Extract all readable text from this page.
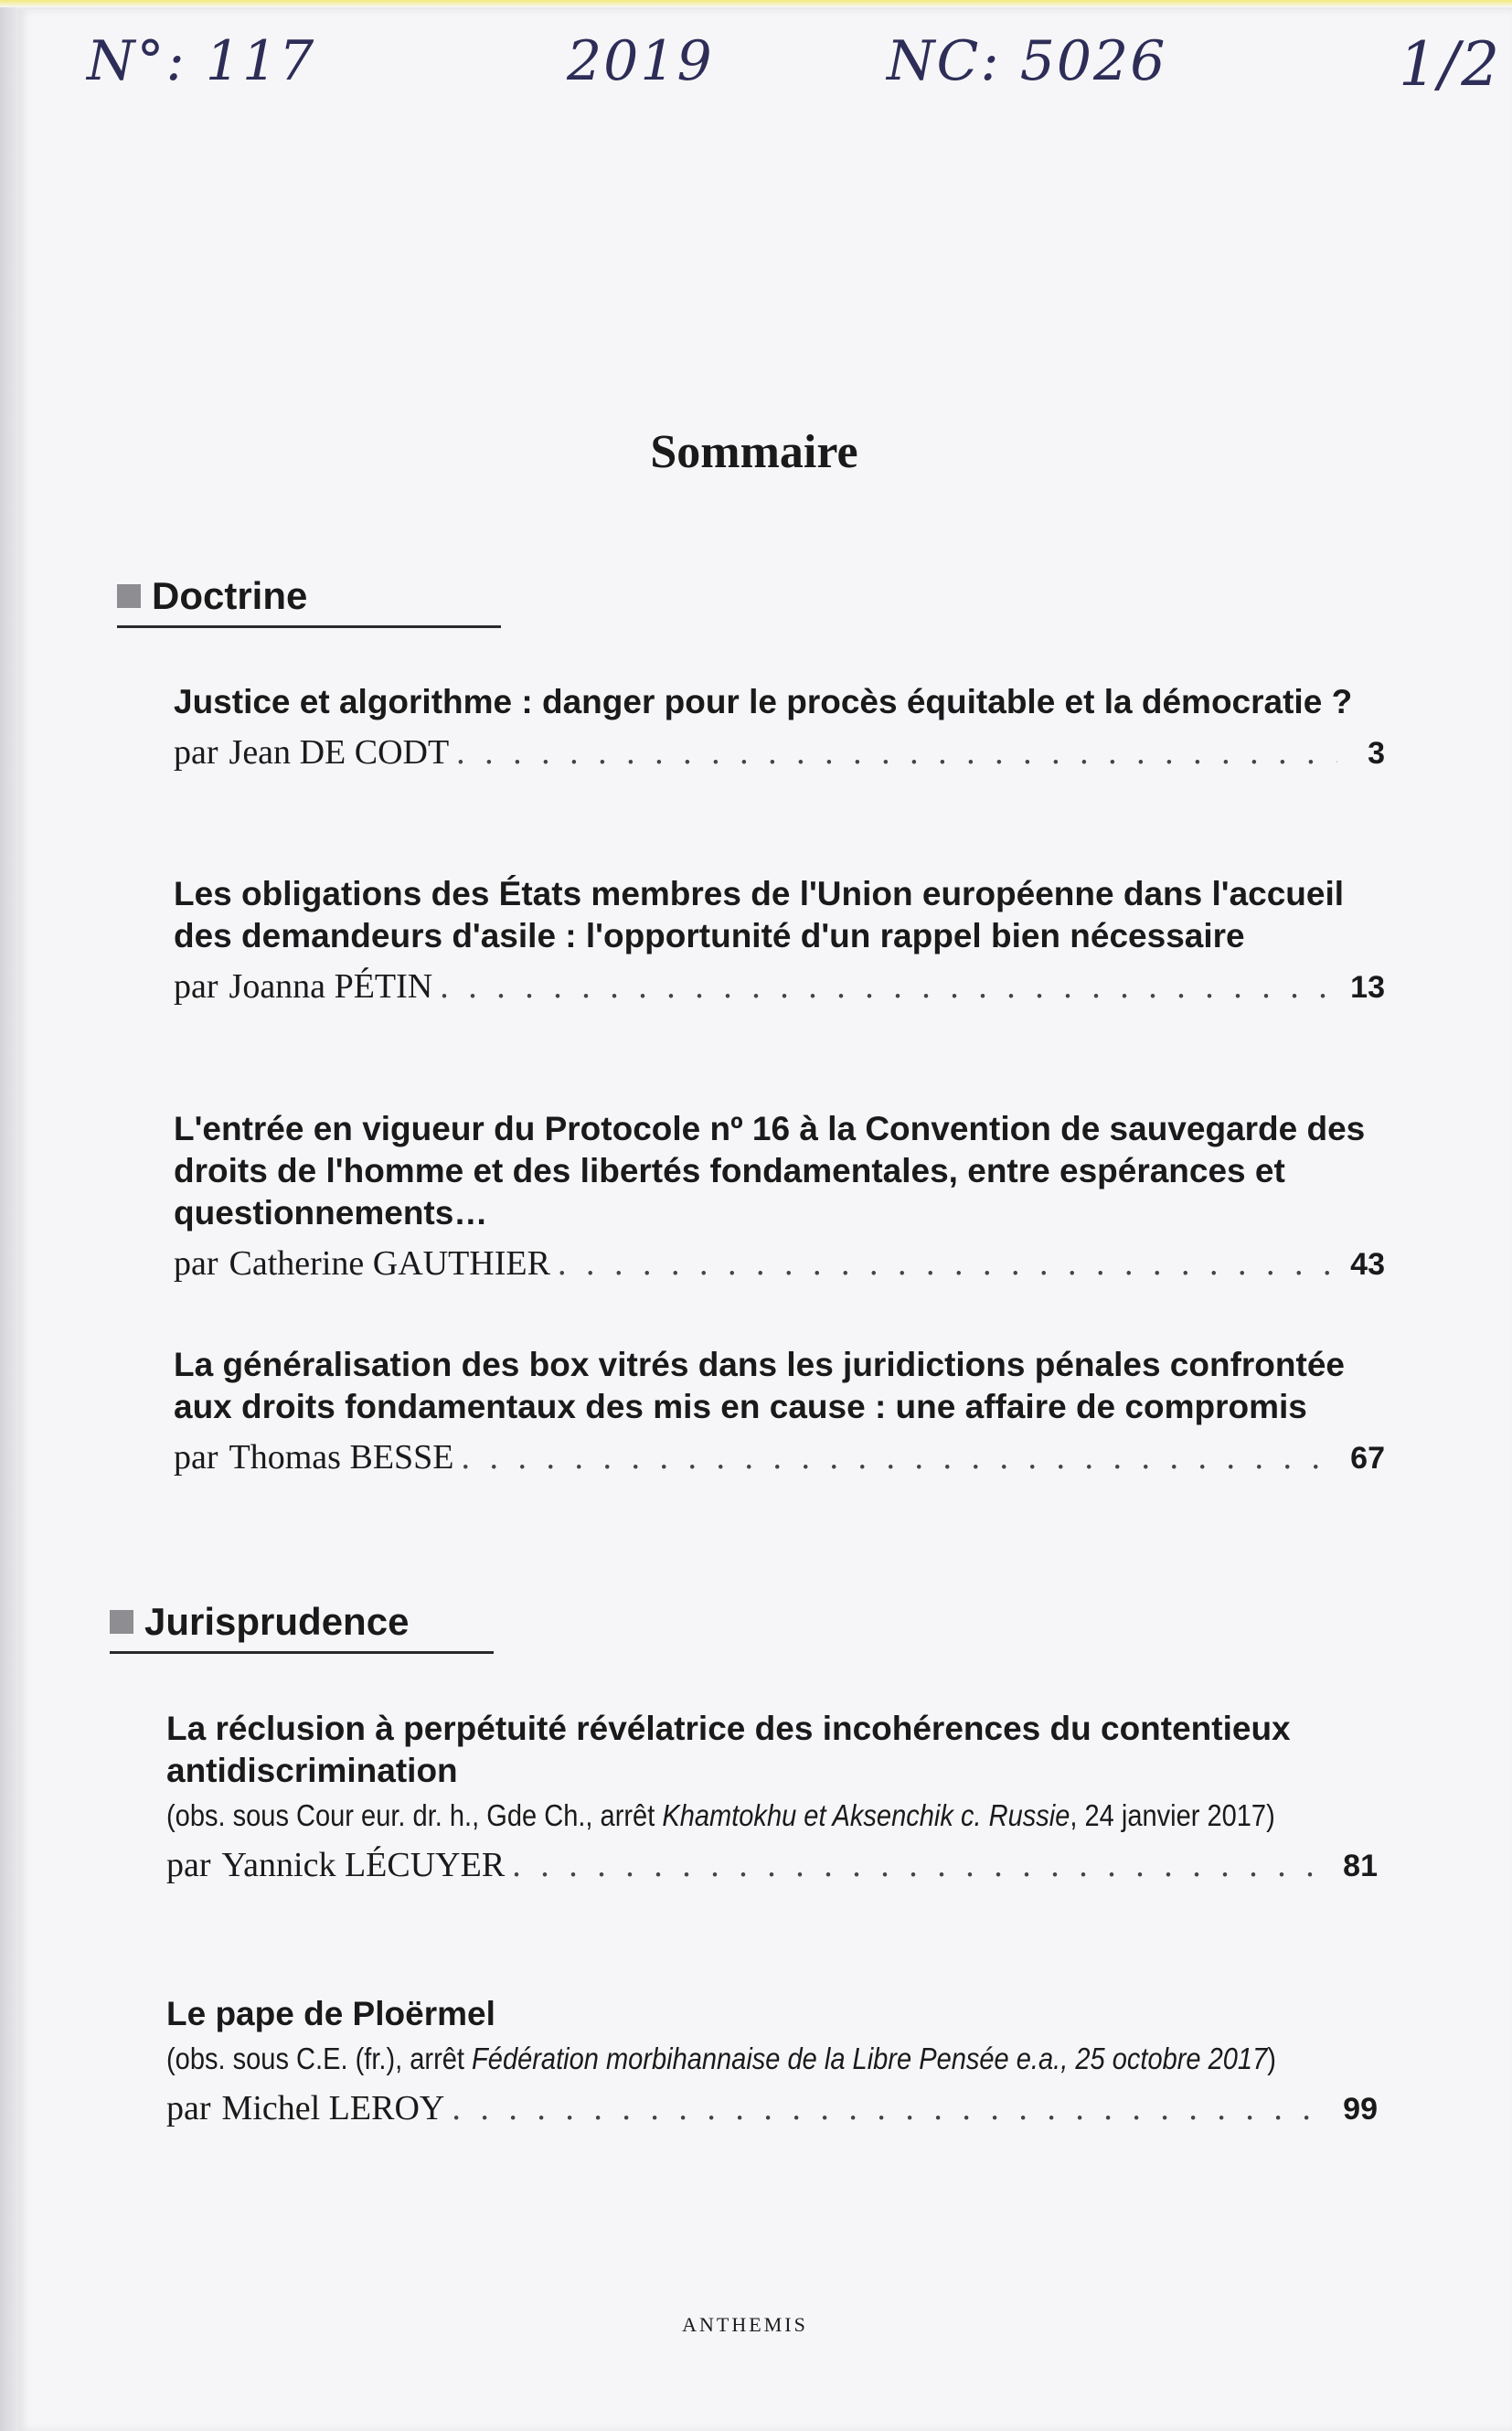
N°: 117	2019	NC: 5026	1/2
Sommaire
Doctrine

Justice et algorithme : danger pour le procès équitable et la démocratie ?

par Jean DE CODT . . .	3

Les obligations des États membres de l'Union européenne dans l'accueil des demandeurs d'asile : l'opportunité d'un rappel bien nécessaire

par Joanna PÉTIN . . .	13

L'entrée en vigueur du Protocole nº 16 à la Convention de sauvegarde des droits de l'homme et des libertés fondamentales, entre espérances et questionnements…

par Catherine GAUTHIER . . .	43

La généralisation des box vitrés dans les juridictions pénales confrontée aux droits fondamentaux des mis en cause : une affaire de compromis

par Thomas BESSE . . .	67
Jurisprudence

La réclusion à perpétuité révélatrice des incohérences du contentieux antidiscrimination

(obs. sous Cour eur. dr. h., Gde Ch., arrêt Khamtokhu et Aksenchik c. Russie, 24 janvier 2017)
par Yannick LÉCUYER . . .	81

Le pape de Ploërmel

(obs. sous C.E. (fr.), arrêt Fédération morbihannaise de la Libre Pensée e.a., 25 octobre 2017)
par Michel LEROY . . .	99
ANTHEMIS
